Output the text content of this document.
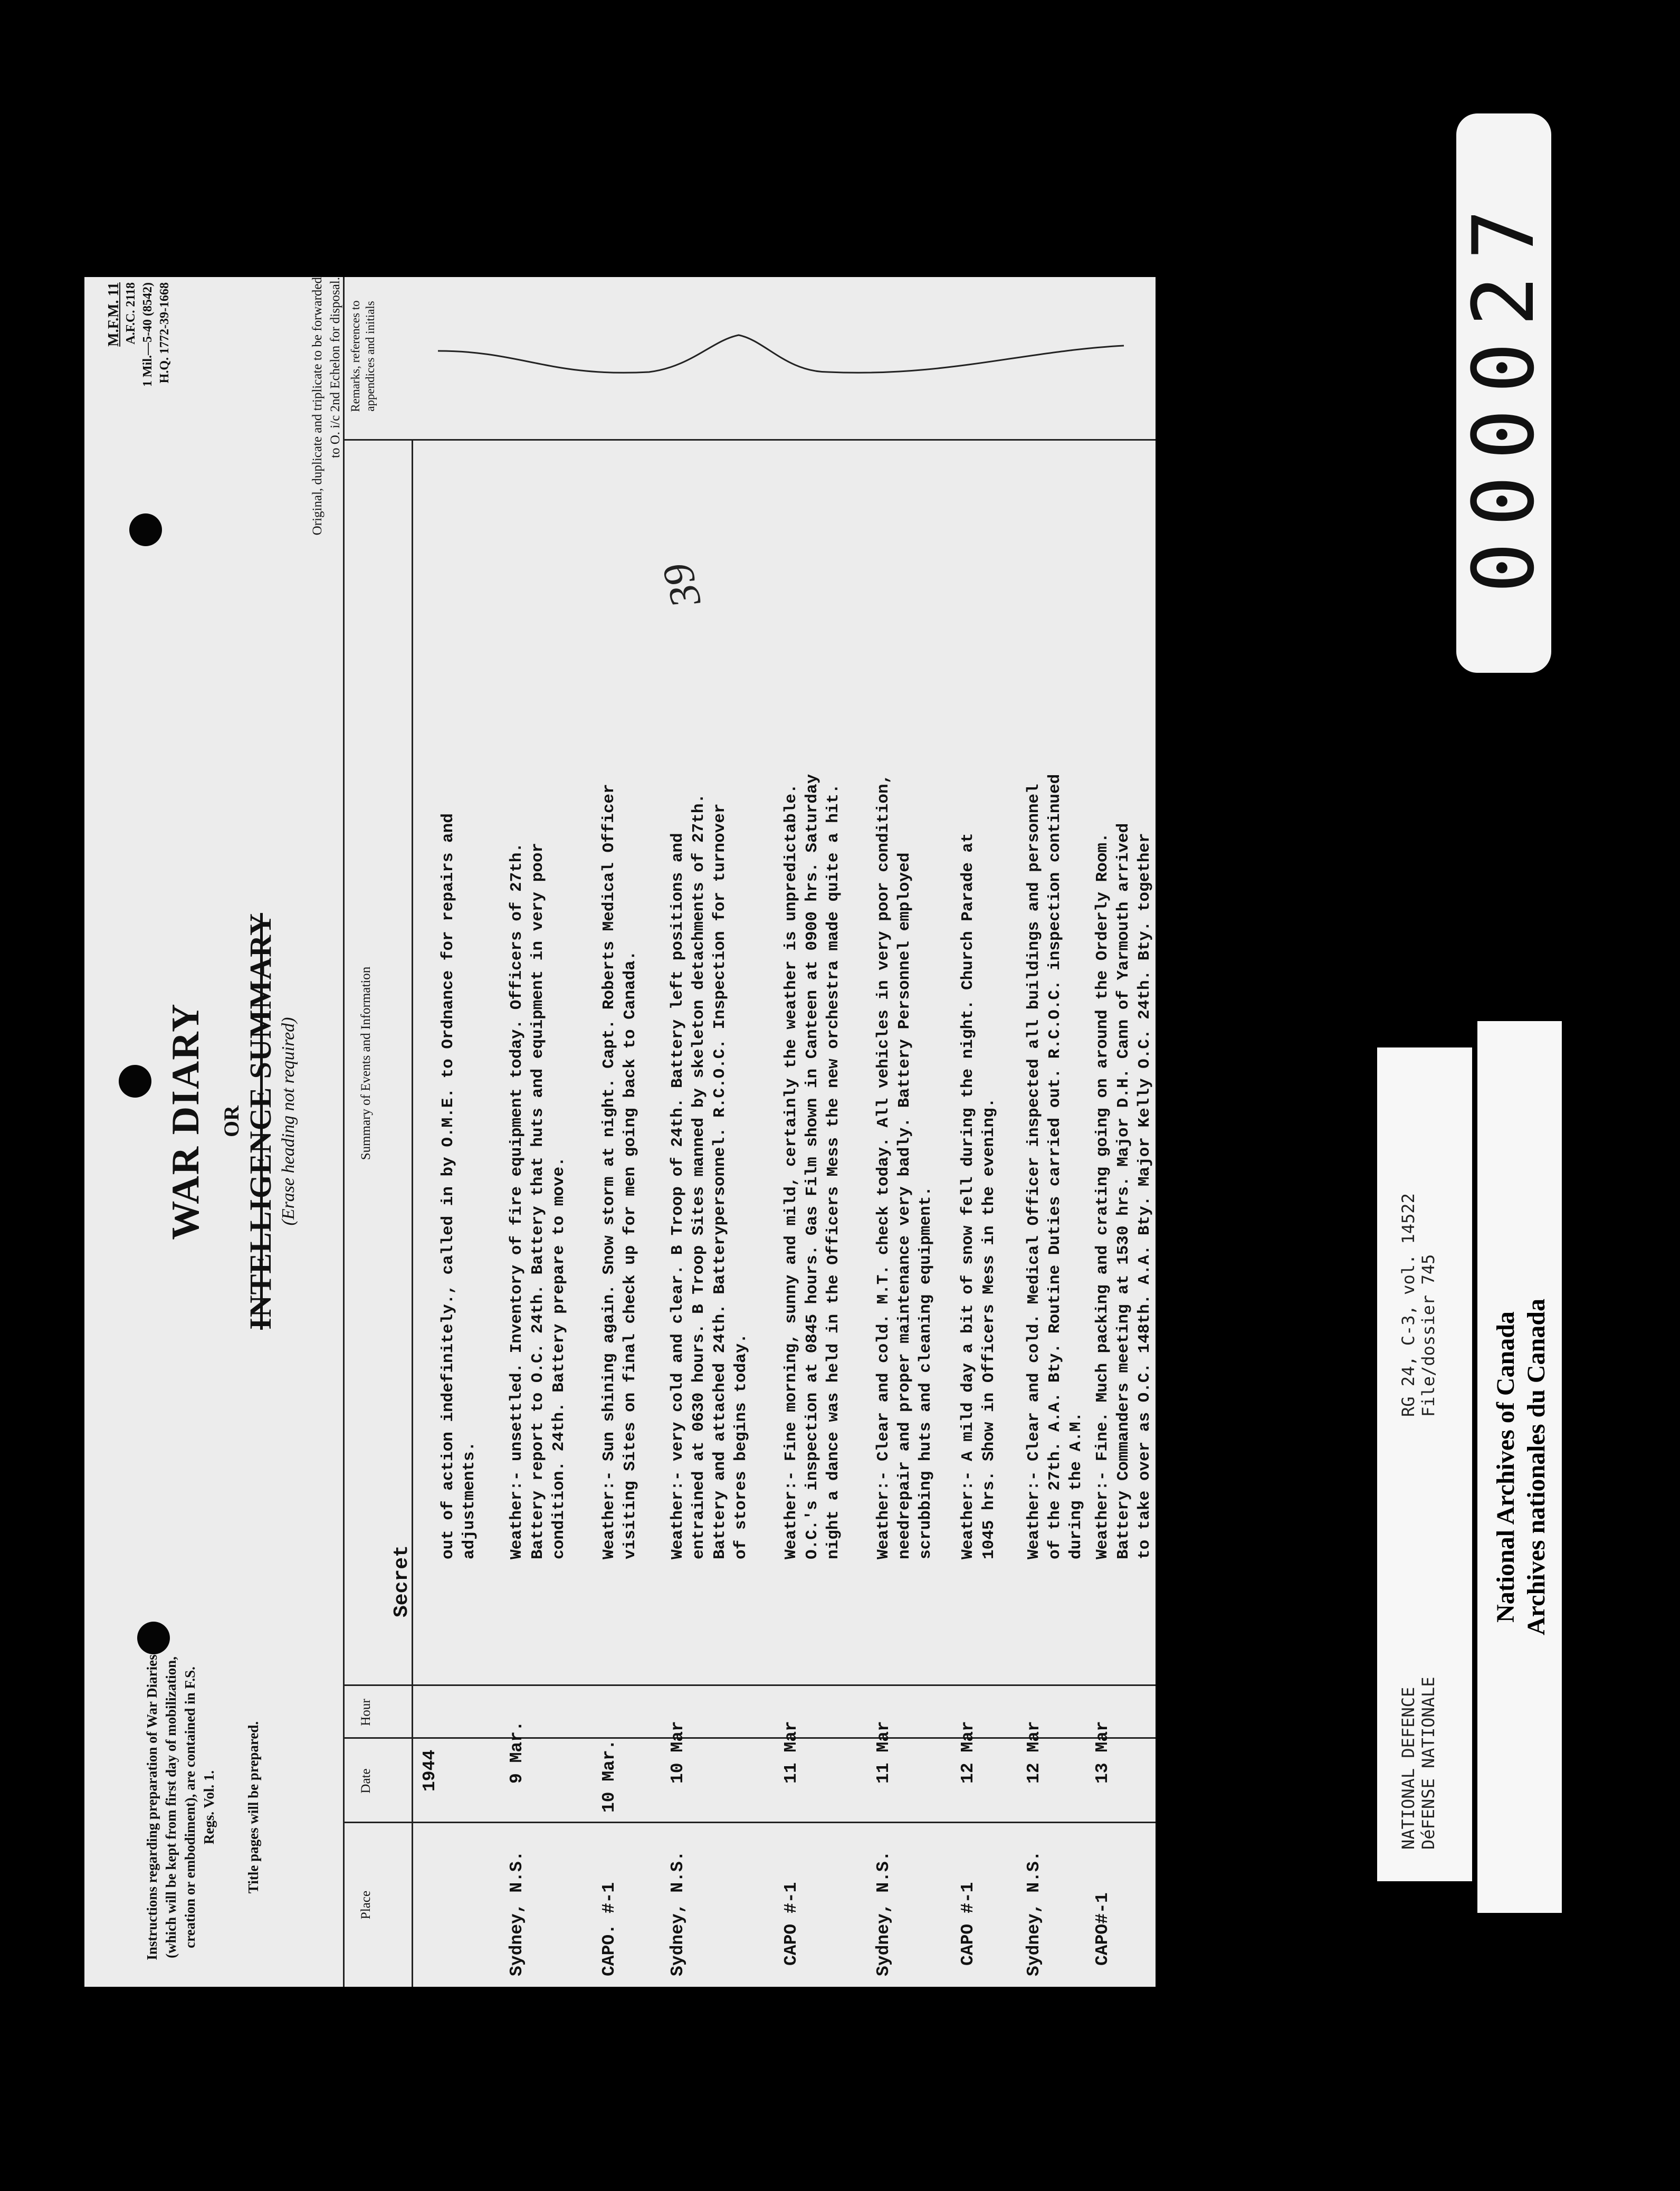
Instructions regarding preparation of War Diaries (which will be kept from first day of mobilization, creation or embodiment), are contained in F.S. Regs. Vol. 1. Title pages will be prepared.
WAR DIARY OR INTELLIGENCE SUMMARY (Erase heading not required)
M.F.M. 11 A.F.C. 2118 1 Mil.—5-40 (8542) H.Q. 1772-39-1668	Original, duplicate and triplicate to be forwarded to O. i/c 2nd Echelon for disposal.
Place
Date
Hour
Summary of Events and Information
Remarks, references to appendices and initials
Secret
1944
39
out of action indefinitely., called in by O.M.E. to Ordnance for repairs and adjustments.
Sydney, N.S.
9 Mar.
Weather:- unsettled. Inventory of fire equipment today. Officers of 27th. Battery report to O.C. 24th. Battery that huts and equipment in very poor condition. 24th. Battery prepare to move.
CAPO. #-1
10 Mar.
Weather:- Sun shining again. Snow storm at night. Capt. Roberts Medical Officer visiting Sites on final check up for men going back to Canada.
Sydney, N.S.
10 Mar
Weather:- very cold and clear. B Troop of 24th. Battery left positions and entrained at 0630 hours. B Troop Sites manned by skeleton detachments of 27th. Battery and attached 24th. Batterypersonnel. R.C.O.C. Inspection for turnover of stores begins today.
CAPO #-1
11 Mar
Weather:- Fine morning, sunny and mild, certainly the weather is unpredictable. O.C.'s inspection at 0845 hours. Gas Film shown in Canteen at 0900 hrs. Saturday night a dance was held in the Officers Mess the new orchestra made quite a hit.
Sydney, N.S.
11 Mar
Weather:- Clear and cold. M.T. check today. All vehicles in very poor condition, needrepair and proper maintenance very badly. Battery Personnel employed scrubbing huts and cleaning equipment.
CAPO #-1
12 Mar
Weather:- A mild day a bit of snow fell during the night. Church Parade at 1045 hrs. Show in Officers Mess in the evening.
Sydney, N.S.
12 Mar
Weather:- Clear and cold. Medical Officer inspected all buildings and personnel of the 27th. A.A. Bty. Routine Duties carried out. R.C.O.C. inspection continued during the A.M.
CAPO#-1
13 Mar
Weather:- Fine. Much packing and crating going on around the Orderly Room. Battery Commanders meeting at 1530 hrs. Major D.H. Cann of Yarmouth arrived to take over as O.C. 148th. A.A. Bty. Major Kelly O.C. 24th. Bty. together
000027
NATIONAL DEFENCE DéFENSE NATIONALE
RG 24, C-3, vol. 14522 File/dossier 745 National Archives of Canada Archives nationales du Canada
